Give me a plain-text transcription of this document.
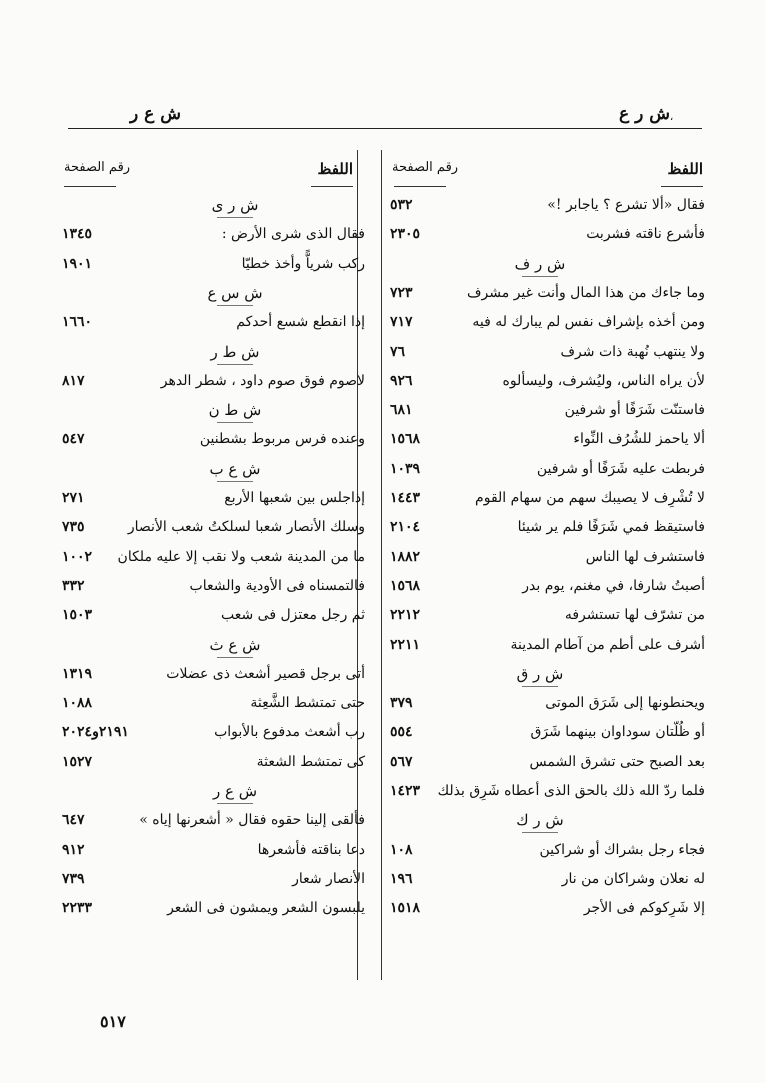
ش ر ع
ش ع ر	،
اللفظ
رقم الصفحة
اللفظ
رقم الصفحة
فقال «ألا تشرع ؟ ياجابر !»
٥٣٢
فأشرع ناقته فشربت
٢٣٠٥
ش ر ف
وما جاءك من هذا المال وأنت غير مشرف
٧٢٣
ومن أخذه بإشراف نفس لم يبارك له فيه
٧١٧
ولا ينتهب نُهبة ذات شرف
٧٦
لأن يراه الناس، وليُشرف، وليسألوه
٩٢٦
فاستنّت شَرَفًا أو شرفين
٦٨١
ألا ياحمز للشُرُف النِّواء
١٥٦٨
فربطت عليه شَرَفًا أو شرفين
١٠٣٩
لا تُشْرِف لا يصيبك سهم من سهام القوم
١٤٤٣
فاستيقظ فمي شَرَفًا فلم ير شيئا
٢١٠٤
فاستشرف لها الناس
١٨٨٢
أصبتُ شارفا، في مغنم، يوم بدر
١٥٦٨
من تشرّف لها تستشرفه
٢٢١٢
أشرف على أطم من آطام المدينة
٢٢١١
ش ر ق
ويحنطونها إلى شَرَق الموتى
٣٧٩
أو ظُلّتان سوداوان بينهما شَرَق
٥٥٤
بعد الصبح حتى تشرق الشمس
٥٦٧
فلما ردّ الله ذلك بالحق الذى أعطاه شَرِق بذلك
١٤٢٣
ش ر ك
فجاء رجل بشراك أو شراكين
١٠٨
له نعلان وشراكان من نار
١٩٦
إلا شَرِكوكم فى الأجر
١٥١٨
ش ر ى
فقال الذى شرى الأرض :
١٣٤٥
ركب شرياًّ وأخذ خطيّا
١٩٠١
ش س ع
إذا انقطع شسع أحدكم
١٦٦٠
ش ط ر
لاصوم فوق صوم داود ، شطر الدهر
٨١٧
ش ط ن
وعنده فرس مربوط بشطنين
٥٤٧
ش ع ب
إذاجلس بين شعبها الأربع
٢٧١
وسلك الأنصار شعبا لسلكتُ شعب الأنصار
٧٣٥
ما من المدينة شعب ولا نقب إلا عليه ملكان
١٠٠٢
فالتمسناه فى الأودية والشعاب
٣٣٢
ثم رجل معتزل فى شعب
١٥٠٣
ش ع ث
أتى برجل قصير أشعث ذى عضلات
١٣١٩
حتى تمتشط الشَّعِثة
١٠٨٨
رب أشعث مدفوع بالأبواب
٢١٩١و٢٠٢٤
كى تمتشط الشعثة
١٥٢٧
ش ع ر
فألقى إلينا حقوه فقال « أشعرنها إياه »
٦٤٧
دعا بناقته فأشعرها
٩١٢
الأنصار شعار
٧٣٩
يلبسون الشعر ويمشون فى الشعر
٢٢٣٣
٥١٧
